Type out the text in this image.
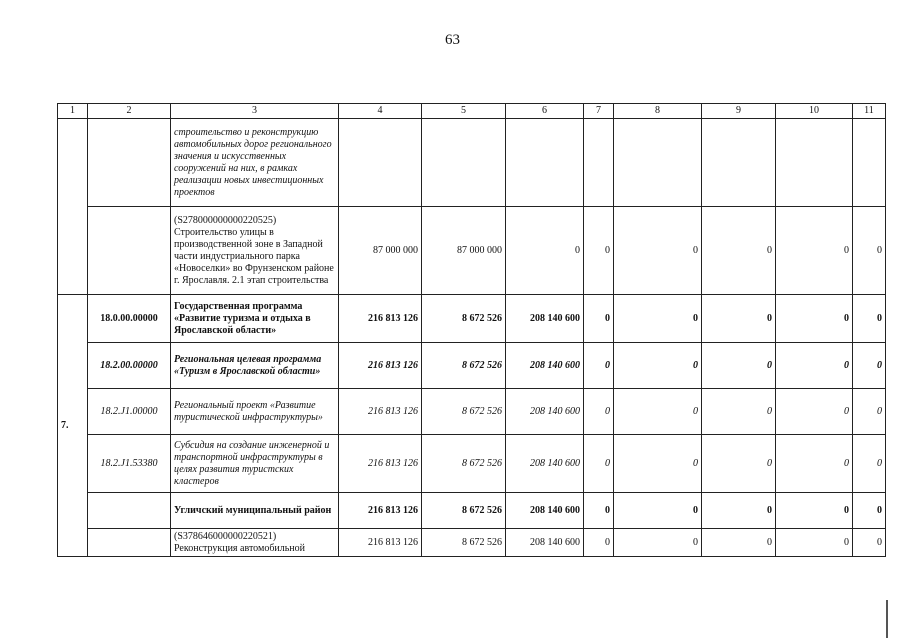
63
1	2	3	4	5	6	7	8	9	10	11
		строительство и реконструкцию автомобильных дорог регионального значения и искусственных сооружений на них, в рамках реализации новых инвестиционных проектов								
		(S278000000000220525) Строительство улицы в производственной зоне в Западной части индустриального парка «Новоселки» во Фрунзенском районе г. Ярославля. 2.1 этап строительства	87 000 000	87 000 000	0	0	0	0	0	0
7.	18.0.00.00000	Государственная программа «Развитие туризма и отдыха в Ярославской области»	216 813 126	8 672 526	208 140 600	0	0	0	0	0
	18.2.00.00000	Региональная целевая программа «Туризм в Ярославской области»	216 813 126	8 672 526	208 140 600	0	0	0	0	0
	18.2.J1.00000	Региональный проект «Развитие туристической инфраструктуры»	216 813 126	8 672 526	208 140 600	0	0	0	0	0
	18.2.J1.53380	Субсидия на создание инженерной и транспортной инфраструктуры в целях развития туристских кластеров	216 813 126	8 672 526	208 140 600	0	0	0	0	0
		Угличский муниципальный район	216 813 126	8 672 526	208 140 600	0	0	0	0	0
		(S378646000000220521) Реконструкция автомобильной	216 813 126	8 672 526	208 140 600	0	0	0	0	0
